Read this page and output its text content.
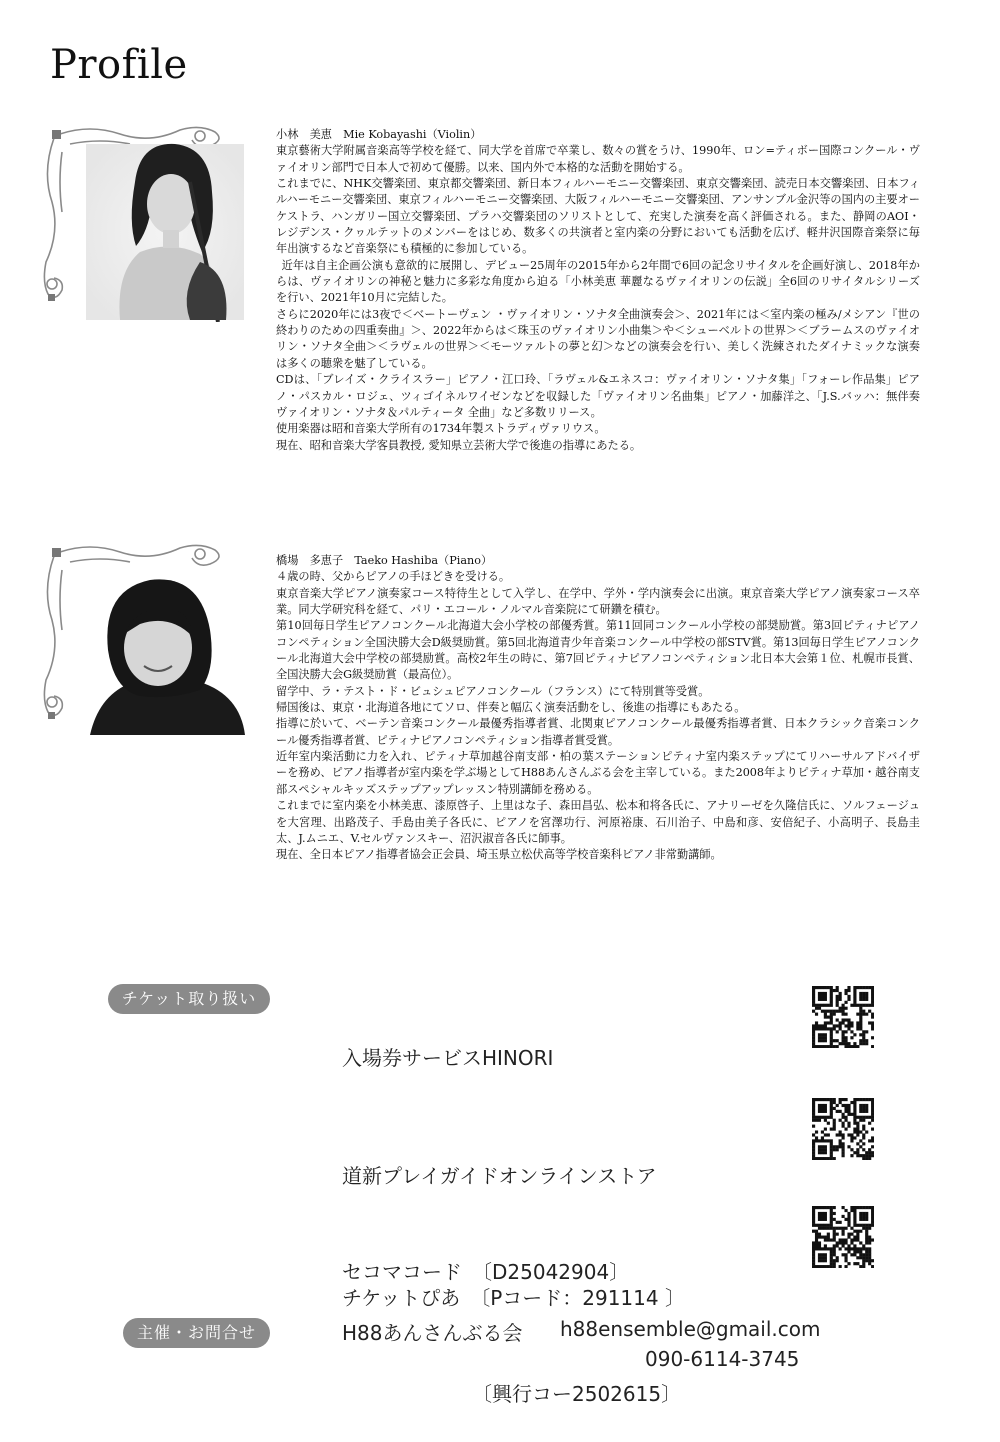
Profile

小林　美恵　Mie Kobayashi（Violin）

東京藝術大学附属音楽高等学校を経て、同大学を首席で卒業し、数々の賞をうけ、1990年、ロン=ティボー国際コンクール・ヴァイオリン部門で日本人で初めて優勝。以来、国内外で本格的な活動を開始する。

これまでに、NHK交響楽団、東京都交響楽団、新日本フィルハーモニー交響楽団、東京交響楽団、読売日本交響楽団、日本フィルハーモニー交響楽団、東京フィルハーモニー交響楽団、大阪フィルハーモニー交響楽団、アンサンブル金沢等の国内の主要オーケストラ、ハンガリー国立交響楽団、プラハ交響楽団のソリストとして、充実した演奏を高く評価される。また、静岡のAOI・レジデンス・クヮルテットのメンバーをはじめ、数多くの共演者と室内楽の分野においても活動を広げ、軽井沢国際音楽祭に毎年出演するなど音楽祭にも積極的に参加している。

近年は自主企画公演も意欲的に展開し、デビュー25周年の2015年から2年間で6回の記念リサイタルを企画好演し、2018年からは、ヴァイオリンの神秘と魅力に多彩な角度から迫る「小林美恵 華麗なるヴァイオリンの伝説」全6回のリサイタルシリーズを行い、2021年10月に完結した。

さらに2020年には3夜で＜ベートーヴェン ・ヴァイオリン・ソナタ全曲演奏会＞、2021年には＜室内楽の極み/メシアン『世の終わりのための四重奏曲』＞、2022年からは＜珠玉のヴァイオリン小曲集＞や＜シューベルトの世界＞＜ブラームスのヴァイオリン・ソナタ全曲＞＜ラヴェルの世界＞＜モーツァルトの夢と幻＞などの演奏会を行い、美しく洗練されたダイナミックな演奏は多くの聴衆を魅了している。

CDは、「ブレイズ・クライスラー」ピアノ・江口玲、「ラヴェル&エネスコ：ヴァイオリン・ソナタ集」「フォーレ作品集」ピアノ・パスカル・ロジェ、ツィゴイネルワイゼンなどを収録した「ヴァイオリン名曲集」ピアノ・加藤洋之、「J.S.バッハ：無伴奏ヴァイオリン・ソナタ＆パルティータ 全曲」など多数リリース。

使用楽器は昭和音楽大学所有の1734年製ストラディヴァリウス。

現在、昭和音楽大学客員教授, 愛知県立芸術大学で後進の指導にあたる。

橋場　多恵子　Taeko Hashiba（Piano）

４歳の時、父からピアノの手ほどきを受ける。

東京音楽大学ピアノ演奏家コース特待生として入学し、在学中、学外・学内演奏会に出演。東京音楽大学ピアノ演奏家コース卒業。同大学研究科を経て、パリ・エコール・ノルマル音楽院にて研鑽を積む。

第10回毎日学生ピアノコンクール北海道大会小学校の部優秀賞。第11回同コンクール小学校の部奨励賞。第3回ピティナピアノコンペティション全国決勝大会D級奨励賞。第5回北海道青少年音楽コンクール中学校の部STV賞。第13回毎日学生ピアノコンクール北海道大会中学校の部奨励賞。高校2年生の時に、第7回ピティナピアノコンペティション北日本大会第１位、札幌市長賞、全国決勝大会G級奨励賞（最高位）。

留学中、ラ・テスト・ド・ビュシュピアノコンクール（フランス）にて特別賞等受賞。

帰国後は、東京・北海道各地にてソロ、伴奏と幅広く演奏活動をし、後進の指導にもあたる。

指導に於いて、ベーテン音楽コンクール最優秀指導者賞、北関東ピアノコンクール最優秀指導者賞、日本クラシック音楽コンクール優秀指導者賞、ピティナピアノコンペティション指導者賞受賞。

近年室内楽活動に力を入れ、ピティナ草加越谷南支部・柏の葉ステーションピティナ室内楽ステップにてリハーサルアドバイザーを務め、ピアノ指導者が室内楽を学ぶ場としてH88あんさんぶる会を主宰している。また2008年よりピティナ草加・越谷南支部スペシャルキッズステップアップレッスン特別講師を務める。

これまでに室内楽を小林美恵、漆原啓子、上里はな子、森田昌弘、松本和将各氏に、アナリーゼを久隆信氏に、ソルフェージュを大宮理、出路茂子、手島由美子各氏に、ピアノを宮澤功行、河原裕康、石川治子、中島和彦、安倍紀子、小高明子、長島圭太、J.ムニエ、V.セルヴァンスキー、沼沢淑音各氏に師事。

現在、全日本ピアノ指導者協会正会員、埼玉県立松伏高等学校音楽科ピアノ非常勤講師。

チケット取り扱い

入場券サービスHINORI

道新プレイガイドオンラインストア

セコマコード　〔D25042904〕

チケットぴあ　〔Pコード：291114 〕

　　　　　　　〔興行コー2502615〕

主催・お問合せ	H88あんさんぶる会 h88ensemble@gmail.com
090-6114-3745
